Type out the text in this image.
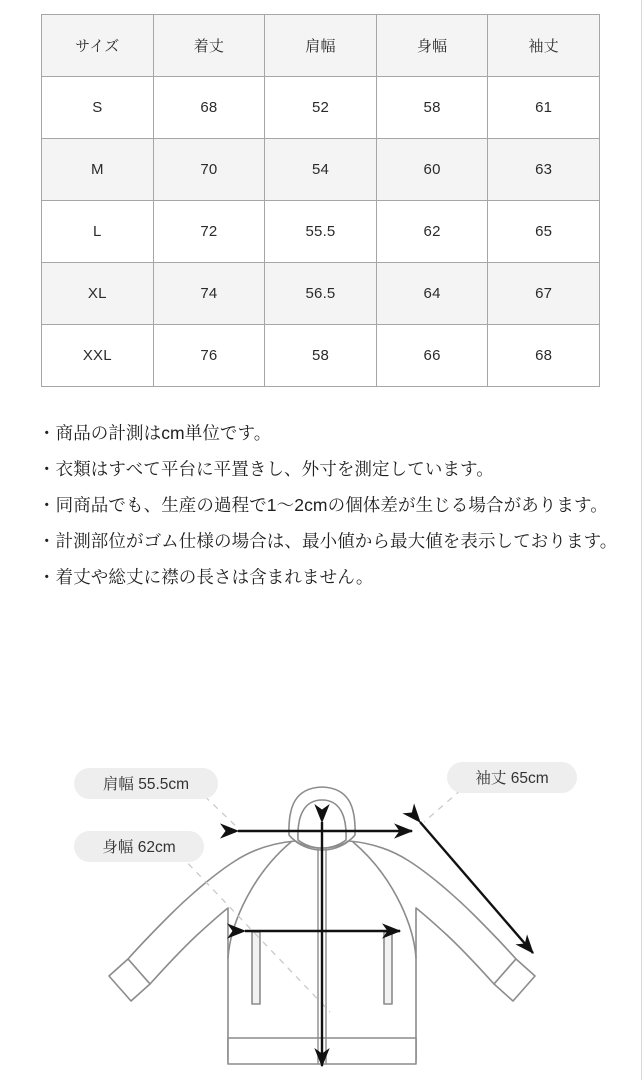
サイズ	着丈	肩幅	身幅	袖丈
S	68	52	58	61
M	70	54	60	63
L	72	55.5	62	65
XL	74	56.5	64	67
XXL	76	58	66	68

・商品の計測はcm単位です。

・衣類はすべて平台に平置きし、外寸を測定しています。

・同商品でも、生産の過程で1〜2cmの個体差が生じる場合があります。

・計測部位がゴム仕様の場合は、最小値から最大値を表示しております。

・着丈や総丈に襟の長さは含まれません。

肩幅 55.5cm
身幅 62cm
袖丈 65cm
